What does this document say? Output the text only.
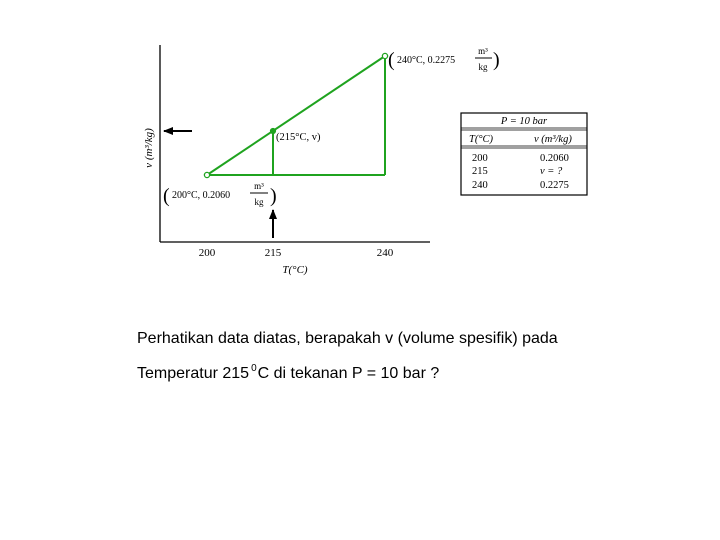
v (m³/kg)
200	215	240
T(°C)
( 240°C, 0.2275
m³
kg )
(215°C, v)
( 200°C, 0.2060
m³
kg )
P = 10 bar
T(°C)	v (m³/kg)
200	0.2060
215	v = ?
240	0.2275
Perhatikan data diatas, berapakah v (volume spesifik) pada
Temperatur 215 $^0$C di tekanan P = 10 bar ?
